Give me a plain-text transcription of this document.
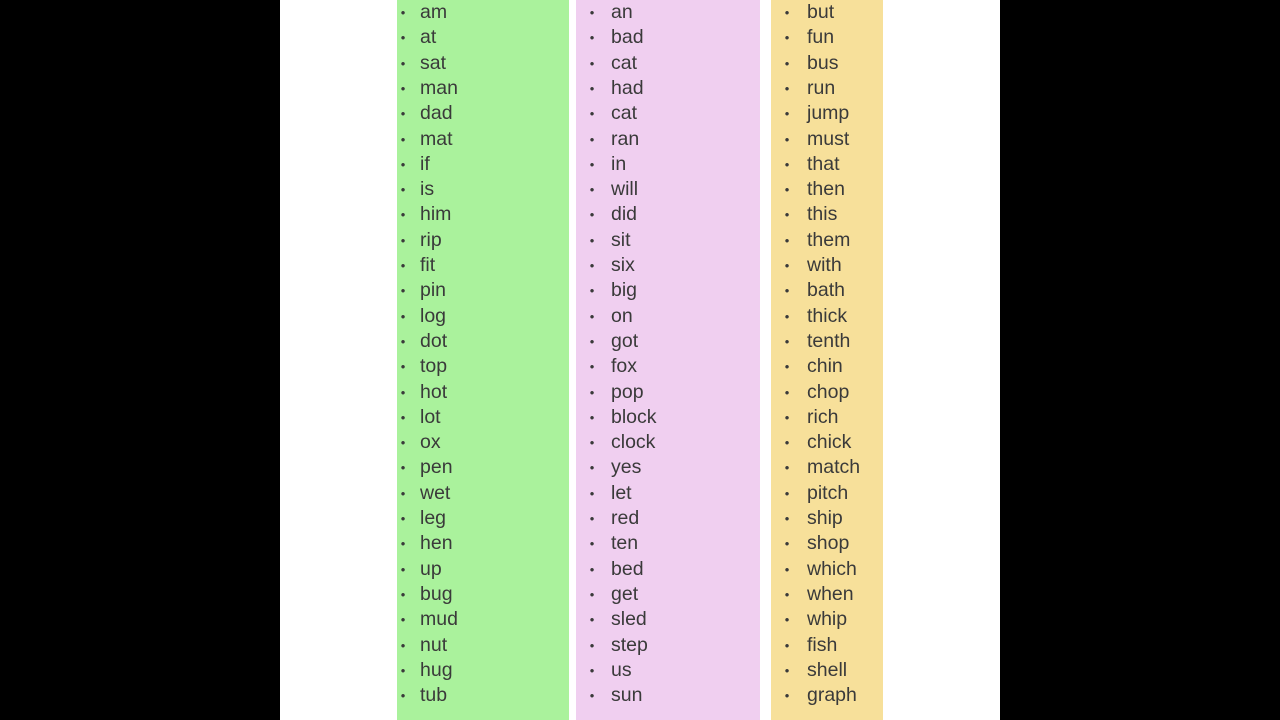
• am
• at
• sat
• man
• dad
• mat
• if
• is
• him
• rip
• fit
• pin
• log
• dot
• top
• hot
• lot
• ox
• pen
• wet
• leg
• hen
• up
• bug
• mud
• nut
• hug
• tub
• an
• bad
• cat
• had
• cat
• ran
• in
• will
• did
• sit
• six
• big
• on
• got
• fox
• pop
• block
• clock
• yes
• let
• red
• ten
• bed
• get
• sled
• step
• us
• sun
• but
• fun
• bus
• run
• jump
• must
• that
• then
• this
• them
• with
• bath
• thick
• tenth
• chin
• chop
• rich
• chick
• match
• pitch
• ship
• shop
• which
• when
• whip
• fish
• shell
• graph
